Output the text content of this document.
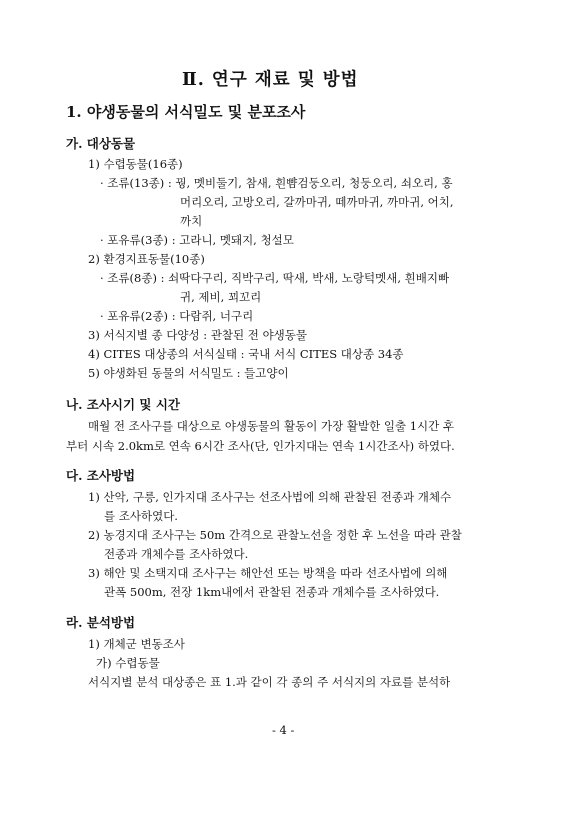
Ⅱ. 연구 재료 및 방법
1. 야생동물의 서식밀도 및 분포조사
가. 대상동물
1) 수렵동물(16종)
· 조류(13종) : 꿩, 멧비둘기, 참새, 흰뺨검둥오리, 청둥오리, 쇠오리, 홍
머리오리, 고방오리, 갈까마귀, 떼까마귀, 까마귀, 어치,
까치
· 포유류(3종) : 고라니, 멧돼지, 청설모
2) 환경지표동물(10종)
· 조류(8종) : 쇠딱다구리, 직박구리, 딱새, 박새, 노랑턱멧새, 흰배지빠
귀, 제비, 꾀꼬리
· 포유류(2종) : 다람쥐, 너구리
3) 서식지별 종 다양성 : 관찰된 전 야생동물
4) CITES 대상종의 서식실태 : 국내 서식 CITES 대상종 34종
5) 야생화된 동물의 서식밀도 : 들고양이
나. 조사시기 및 시간
매월 전 조사구를 대상으로 야생동물의 활동이 가장 활발한 일출 1시간 후
부터 시속 2.0km로 연속 6시간 조사(단, 인가지대는 연속 1시간조사) 하였다.
다. 조사방법
1) 산악, 구릉, 인가지대 조사구는 선조사법에 의해 관찰된 전종과 개체수
를 조사하였다.
2) 농경지대 조사구는 50m 간격으로 관찰노선을 정한 후 노선을 따라 관찰
전종과 개체수를 조사하였다.
3) 해안 및 소택지대 조사구는 해안선 또는 방책을 따라 선조사법에 의해
관폭 500m, 전장 1km내에서 관찰된 전종과 개체수를 조사하였다.
라. 분석방법
1) 개체군 변동조사
가) 수렵동물
서식지별 분석 대상종은 표 1.과 같이 각 종의 주 서식지의 자료를 분석하
- 4 -
